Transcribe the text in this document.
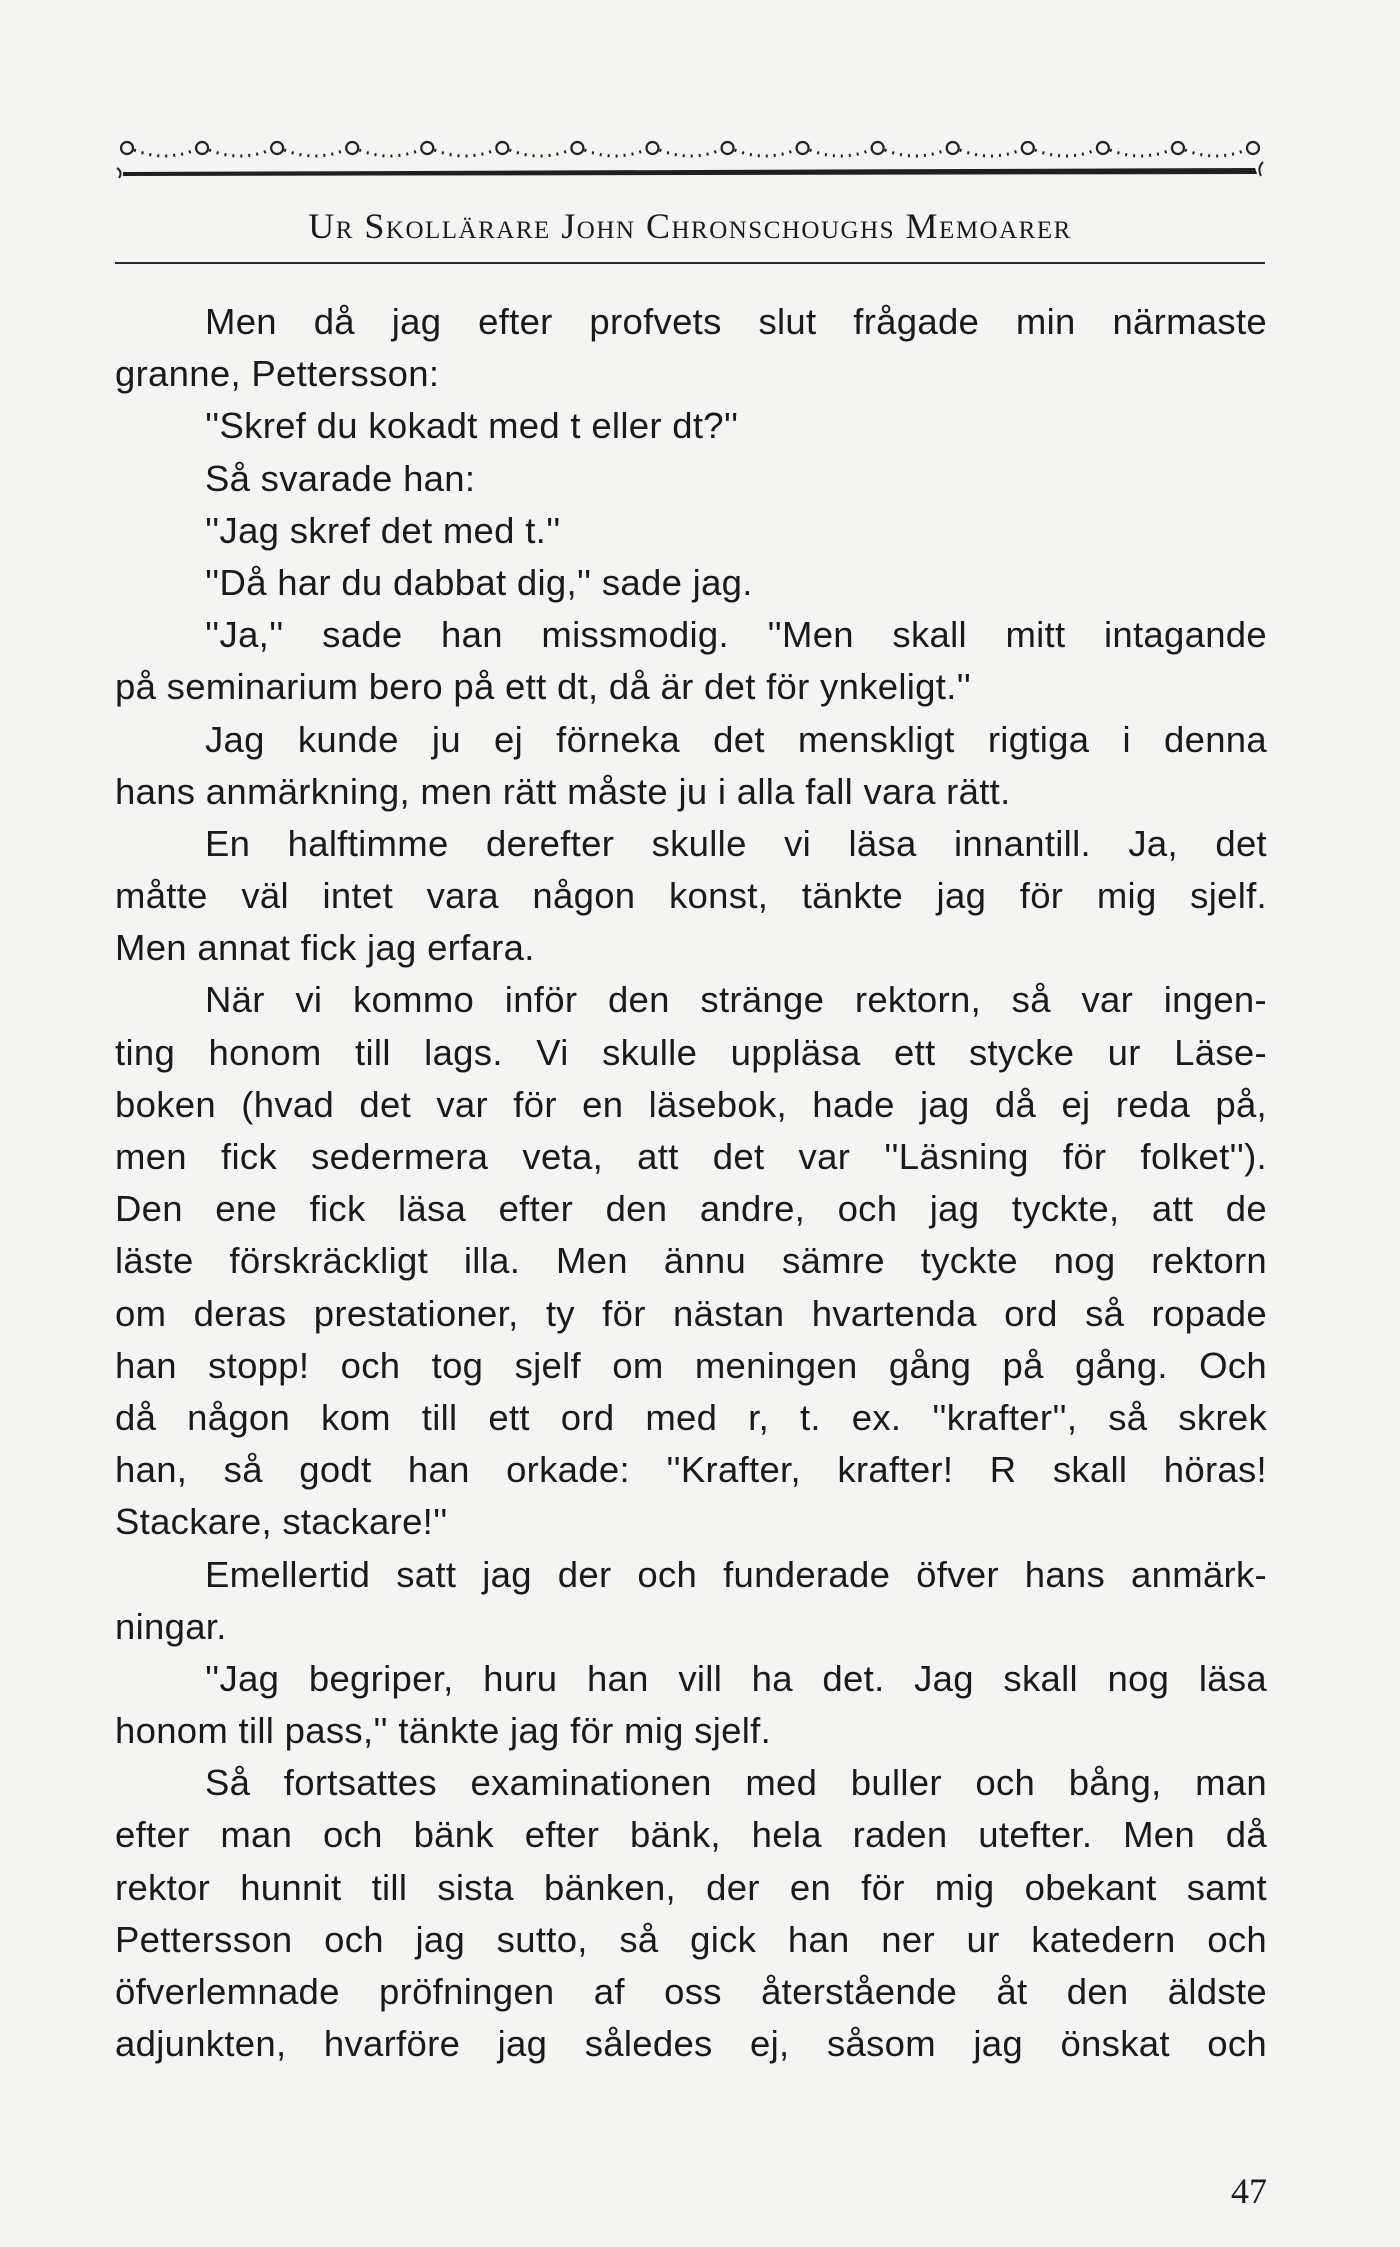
Ur Skollärare John Chronschoughs Memoarer
Men då jag efter profvets slut frågade min närmaste
granne, Pettersson:
''Skref du kokadt med t eller dt?''
Så svarade han:
''Jag skref det med t.''
''Då har du dabbat dig,'' sade jag.
''Ja,'' sade han missmodig. ''Men skall mitt intagande
på seminarium bero på ett dt, då är det för ynkeligt.''
Jag kunde ju ej förneka det menskligt rigtiga i denna
hans anmärkning, men rätt måste ju i alla fall vara rätt.
En halftimme derefter skulle vi läsa innantill. Ja, det
måtte väl intet vara någon konst, tänkte jag för mig sjelf.
Men annat fick jag erfara.
När vi kommo inför den stränge rektorn, så var ingen-
ting honom till lags. Vi skulle uppläsa ett stycke ur Läse-
boken (hvad det var för en läsebok, hade jag då ej reda på,
men fick sedermera veta, att det var ''Läsning för folket'').
Den ene fick läsa efter den andre, och jag tyckte, att de
läste förskräckligt illa. Men ännu sämre tyckte nog rektorn
om deras prestationer, ty för nästan hvartenda ord så ropade
han stopp! och tog sjelf om meningen gång på gång. Och
då någon kom till ett ord med r, t. ex. ''krafter'', så skrek
han, så godt han orkade: ''Krafter, krafter! R skall höras!
Stackare, stackare!''
Emellertid satt jag der och funderade öfver hans anmärk-
ningar.
''Jag begriper, huru han vill ha det. Jag skall nog läsa
honom till pass,'' tänkte jag för mig sjelf.
Så fortsattes examinationen med buller och bång, man
efter man och bänk efter bänk, hela raden utefter. Men då
rektor hunnit till sista bänken, der en för mig obekant samt
Pettersson och jag sutto, så gick han ner ur katedern och
öfverlemnade pröfningen af oss återstående åt den äldste
adjunkten, hvarföre jag således ej, såsom jag önskat och
47
